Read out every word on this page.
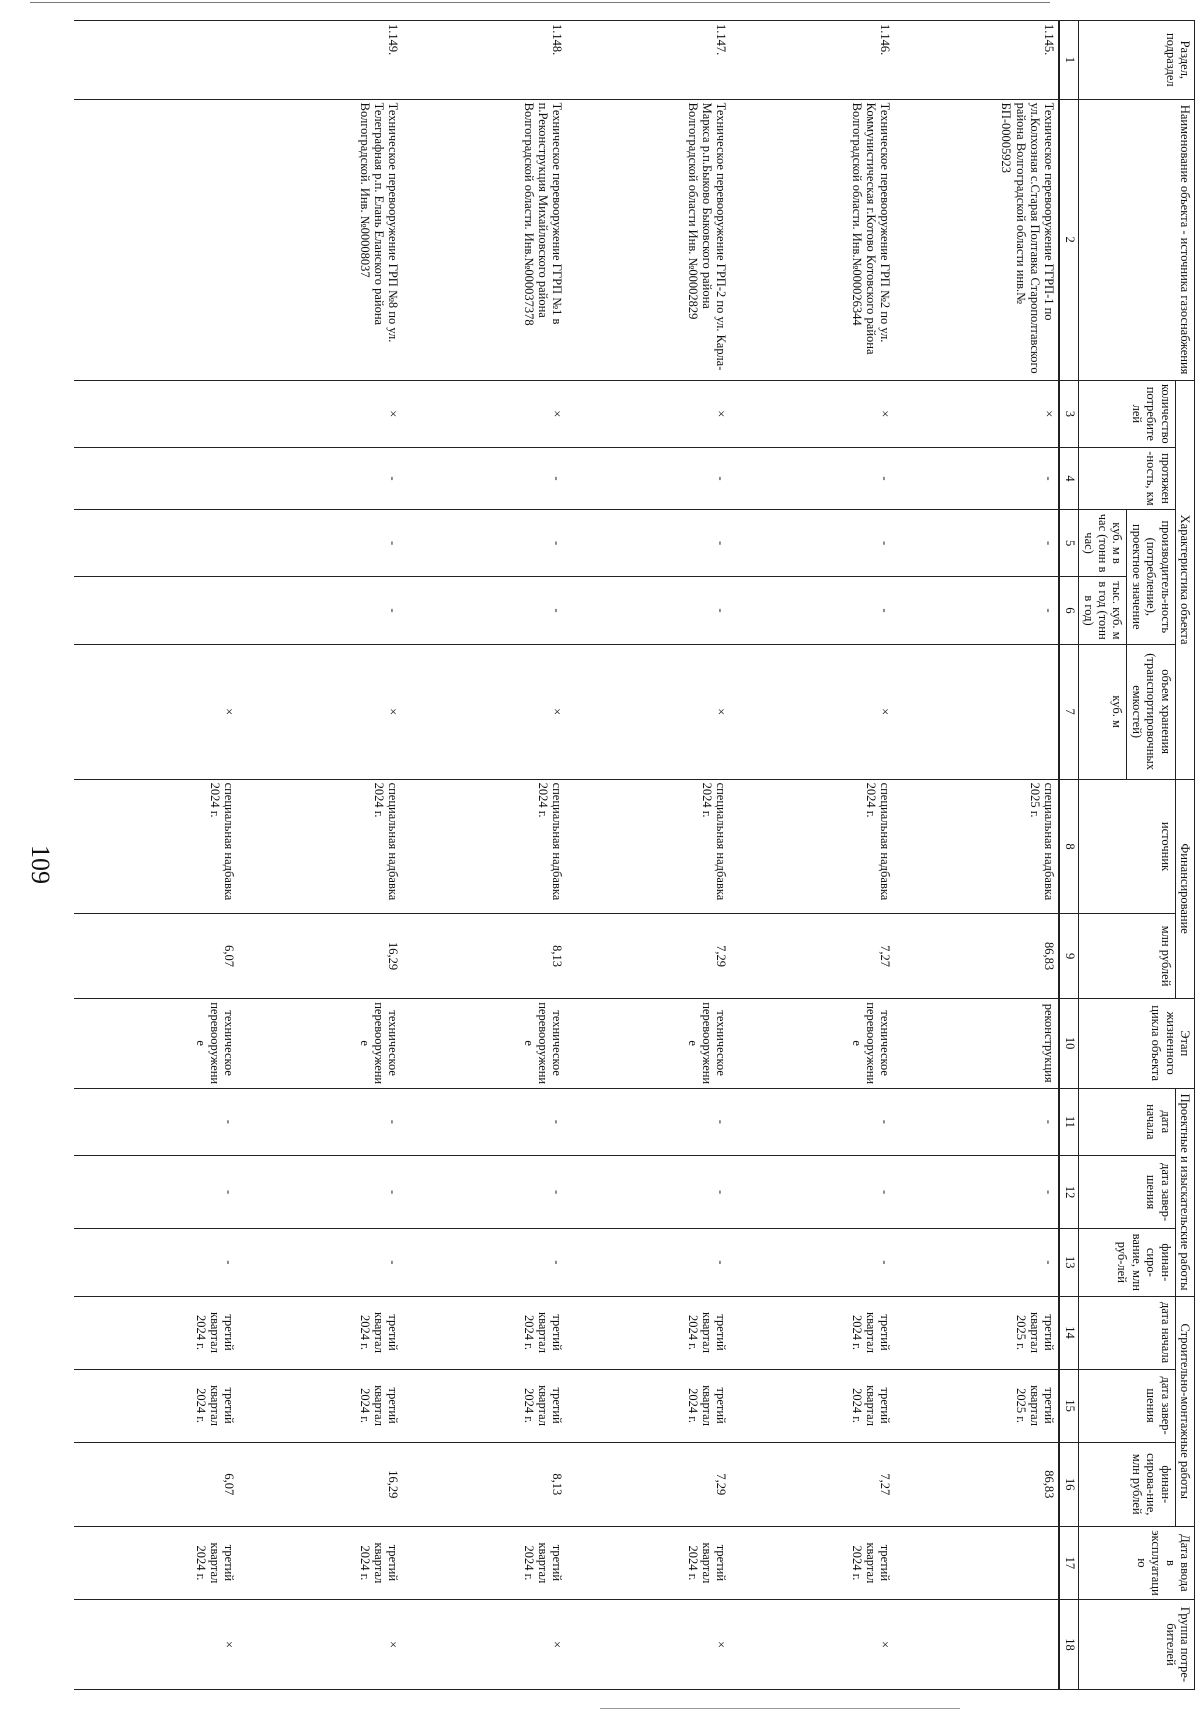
109
Раздел, подраздел	Наименование объекта - источника газоснабжения	Характеристика объекта					Финансирование		Этап жизненного цикла объекта	Проектные и изыскательские работы			Строительно-монтажные работы			Дата ввода в эксплуатацию	Группа потре-бителей
		количество потребителей	протяжен-ность, км	производитель-ность (потребление), проектное значение		объем хранения (транспортировочных емкостей)	источник	млн рублей		дата начала	дата завер-шения	финан-сиро-вание, млн руб-лей	дата начала	дата завер-шения	финан-сирова-ние, млн рублей		
				куб. м в час (тонн в час)	тыс. куб. м в год (тонн в год)	куб. м											
1	2	3	4	5	6	7	8	9	10	11	12	13	14	15	16	17	18
1.145.	Техническое перевооружение ГГРП-1 по ул.Колхозная с.Старая Полтавка Старополтавского района Волгоградской области инв.№ БП-00005923	×	-	-	-		специальная надбавка 2025 г.	86,83	реконструкция	-	-	-	третий квартал 2025 г.	третий квартал 2025 г.	86,83		
1.146.	Техническое перевооружение ГРП №2 по ул. Коммунистическая г.Котово Котовского района Волгоградской области. Инв.№000026344	×	-	-	-	×	специальная надбавка 2024 г.	7,27	техническое перевооружение	-	-	-	третий квартал 2024 г.	третий квартал 2024 г.	7,27	третий квартал 2024 г.	×
1.147.	Техническое перевооружение ГРП-2 по ул. Карла-Маркса р.п.Быково Быковского района Волгоградской области Инв. №00002829	×	-	-	-	×	специальная надбавка 2024 г.	7,29	техническое перевооружение	-	-	-	третий квартал 2024 г.	третий квартал 2024 г.	7,29	третий квартал 2024 г.	×
1.148.	Техническое перевооружение ГГРП №1 в п.Реконструкция Михайловского района Волгоградской области. Инв.№000037378	×	-	-	-	×	специальная надбавка 2024 г.	8,13	техническое перевооружение	-	-	-	третий квартал 2024 г.	третий квартал 2024 г.	8,13	третий квартал 2024 г.	×
1.149.	Техническое перевооружение ГРП №8 по ул. Телеграфная р.п. Елань Еланского района Волгоградской. Инв. №00008037	×	-	-	-	×	специальная надбавка 2024 г.	16,29	техническое перевооружение	-	-	-	третий квартал 2024 г.	третий квартал 2024 г.	16,29	третий квартал 2024 г.	×
						×	специальная надбавка 2024 г.	6,07	техническое перевооружение	-	-	-	третий квартал 2024 г.	третий квартал 2024 г.	6,07	третий квартал 2024 г.	×
